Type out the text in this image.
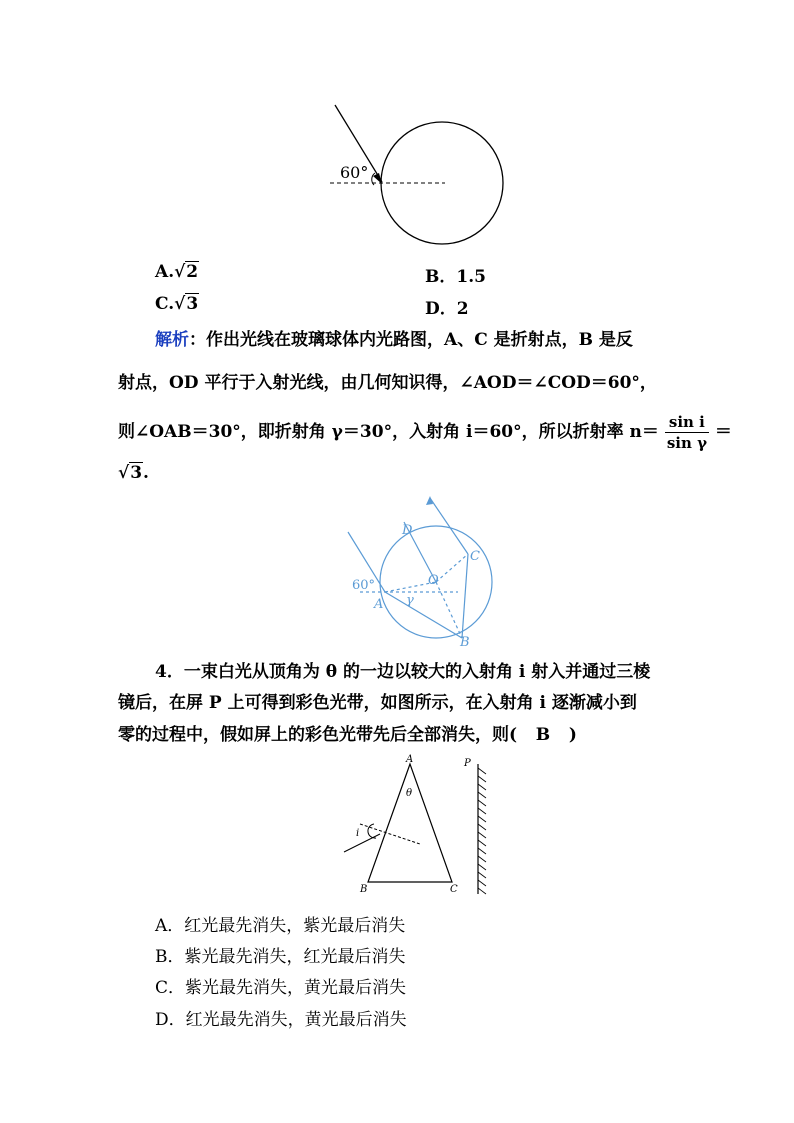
60°
A.√2	B．1.5
C.√3	D．2
解析：作出光线在玻璃球体内光路图，A、C 是折射点，B 是反
射点，OD 平行于入射光线，由几何知识得，∠AOD＝∠COD＝60°，
则∠OAB＝30°，即折射角 γ＝30°，入射角 i＝60°，所以折射率 $n= \frac{\text{sin i}}{\text{sin γ}}$ ＝
√3.
D
C
O
A
B
γ
60°
4．一束白光从顶角为 θ 的一边以较大的入射角 i 射入并通过三棱
镜后，在屏 P 上可得到彩色光带，如图所示，在入射角 i 逐渐减小到
零的过程中，假如屏上的彩色光带先后全部消失，则( B )
A
B	C
P
θ
i
A．红光最先消失，紫光最后消失
B．紫光最先消失，红光最后消失
C．紫光最先消失，黄光最后消失
D．红光最先消失，黄光最后消失
